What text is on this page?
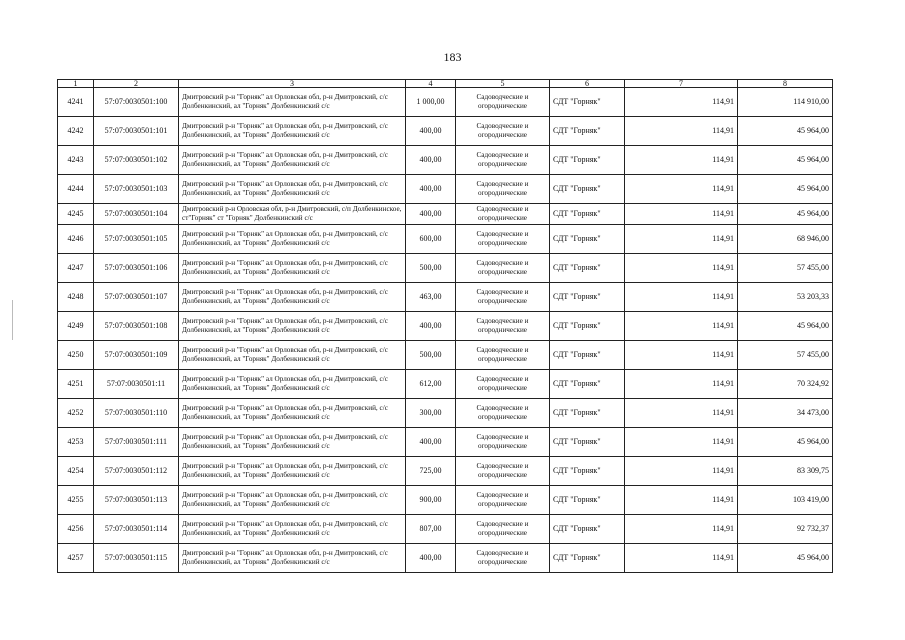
183
1	2	3	4	5	6	7	8
4241	57:07:0030501:100	Дмитровский р-н "Горняк" ал Орловская обл, р-н Дмитровский, с/с Долбенкинский, ал "Горняк" Долбенкинский с/с	1 000,00	Садоводческие и огороднические	СДТ "Горняк"	114,91	114 910,00
4242	57:07:0030501:101	Дмитровский р-н "Горняк" ал Орловская обл, р-н Дмитровский, с/с Долбенкинский, ал "Горняк" Долбенкинский с/с	400,00	Садоводческие и огороднические	СДТ "Горняк"	114,91	45 964,00
4243	57:07:0030501:102	Дмитровский р-н "Горняк" ал Орловская обл, р-н Дмитровский, с/с Долбенкинский, ал "Горняк" Долбенкинский с/с	400,00	Садоводческие и огороднические	СДТ "Горняк"	114,91	45 964,00
4244	57:07:0030501:103	Дмитровский р-н "Горняк" ал Орловская обл, р-н Дмитровский, с/с Долбенкинский, ал "Горняк" Долбенкинский с/с	400,00	Садоводческие и огороднические	СДТ "Горняк"	114,91	45 964,00
4245	57:07:0030501:104	Дмитровский р-н Орловская обл, р-н Дмитровский, с/п Долбенкинское, ст"Горняк" ст "Горняк" Долбенкинский с/с	400,00	Садоводческие и огороднические	СДТ "Горняк"	114,91	45 964,00
4246	57:07:0030501:105	Дмитровский р-н "Горняк" ал Орловская обл, р-н Дмитровский, с/с Долбенкинский, ал "Горняк" Долбенкинский с/с	600,00	Садоводческие и огороднические	СДТ "Горняк"	114,91	68 946,00
4247	57:07:0030501:106	Дмитровский р-н "Горняк" ал Орловская обл, р-н Дмитровский, с/с Долбенкинский, ал "Горняк" Долбенкинский с/с	500,00	Садоводческие и огороднические	СДТ "Горняк"	114,91	57 455,00
4248	57:07:0030501:107	Дмитровский р-н "Горняк" ал Орловская обл, р-н Дмитровский, с/с Долбенкинский, ал "Горняк" Долбенкинский с/с	463,00	Садоводческие и огороднические	СДТ "Горняк"	114,91	53 203,33
4249	57:07:0030501:108	Дмитровский р-н "Горняк" ал Орловская обл, р-н Дмитровский, с/с Долбенкинский, ал "Горняк" Долбенкинский с/с	400,00	Садоводческие и огороднические	СДТ "Горняк"	114,91	45 964,00
4250	57:07:0030501:109	Дмитровский р-н "Горняк" ал Орловская обл, р-н Дмитровский, с/с Долбенкинский, ал "Горняк" Долбенкинский с/с	500,00	Садоводческие и огороднические	СДТ "Горняк"	114,91	57 455,00
4251	57:07:0030501:11	Дмитровский р-н "Горняк" ал Орловская обл, р-н Дмитровский, с/с Долбенкинский, ал "Горняк" Долбенкинский с/с	612,00	Садоводческие и огороднические	СДТ "Горняк"	114,91	70 324,92
4252	57:07:0030501:110	Дмитровский р-н "Горняк" ал Орловская обл, р-н Дмитровский, с/с Долбенкинский, ал "Горняк" Долбенкинский с/с	300,00	Садоводческие и огороднические	СДТ "Горняк"	114,91	34 473,00
4253	57:07:0030501:111	Дмитровский р-н "Горняк" ал Орловская обл, р-н Дмитровский, с/с Долбенкинский, ал "Горняк" Долбенкинский с/с	400,00	Садоводческие и огороднические	СДТ "Горняк"	114,91	45 964,00
4254	57:07:0030501:112	Дмитровский р-н "Горняк" ал Орловская обл, р-н Дмитровский, с/с Долбенкинский, ал "Горняк" Долбенкинский с/с	725,00	Садоводческие и огороднические	СДТ "Горняк"	114,91	83 309,75
4255	57:07:0030501:113	Дмитровский р-н "Горняк" ал Орловская обл, р-н Дмитровский, с/с Долбенкинский, ал "Горняк" Долбенкинский с/с	900,00	Садоводческие и огороднические	СДТ "Горняк"	114,91	103 419,00
4256	57:07:0030501:114	Дмитровский р-н "Горняк" ал Орловская обл, р-н Дмитровский, с/с Долбенкинский, ал "Горняк" Долбенкинский с/с	807,00	Садоводческие и огороднические	СДТ "Горняк"	114,91	92 732,37
4257	57:07:0030501:115	Дмитровский р-н "Горняк" ал Орловская обл, р-н Дмитровский, с/с Долбенкинский, ал "Горняк" Долбенкинский с/с	400,00	Садоводческие и огороднические	СДТ "Горняк"	114,91	45 964,00
